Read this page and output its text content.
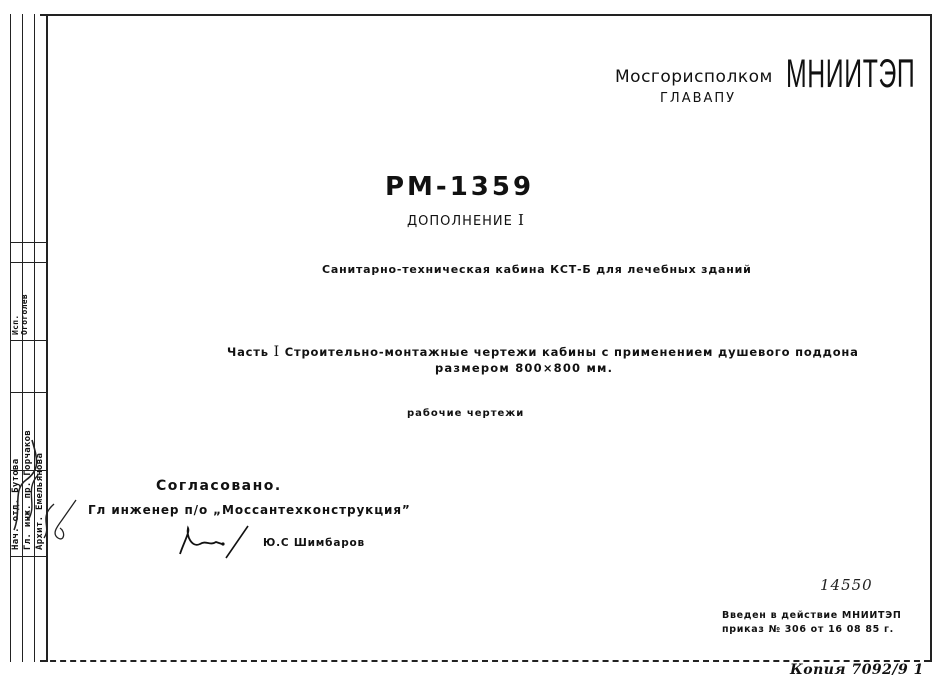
Нач. отд. Бутова Гл. инж. пр. Горчаков Архит. Емельянова
Исп. Огоголев
Мосгорисполком
ГЛАВАПУ
МНИИТЭП
РМ-1359
ДОПОЛНЕНИЕ I
Санитарно-техническая кабина КСТ-Б для лечебных зданий
Часть I Строительно-монтажные чертежи кабины с применением душевого поддона
размером 800×800 мм.
рабочие чертежи
Согласовано.
Гл инженер п/о „Моссантехконструкция”
Ю.С Шимбаров
14550
Введен в действие МНИИТЭП
приказ № 306 от 16 08 85 г.
Копия 7092/9 1
